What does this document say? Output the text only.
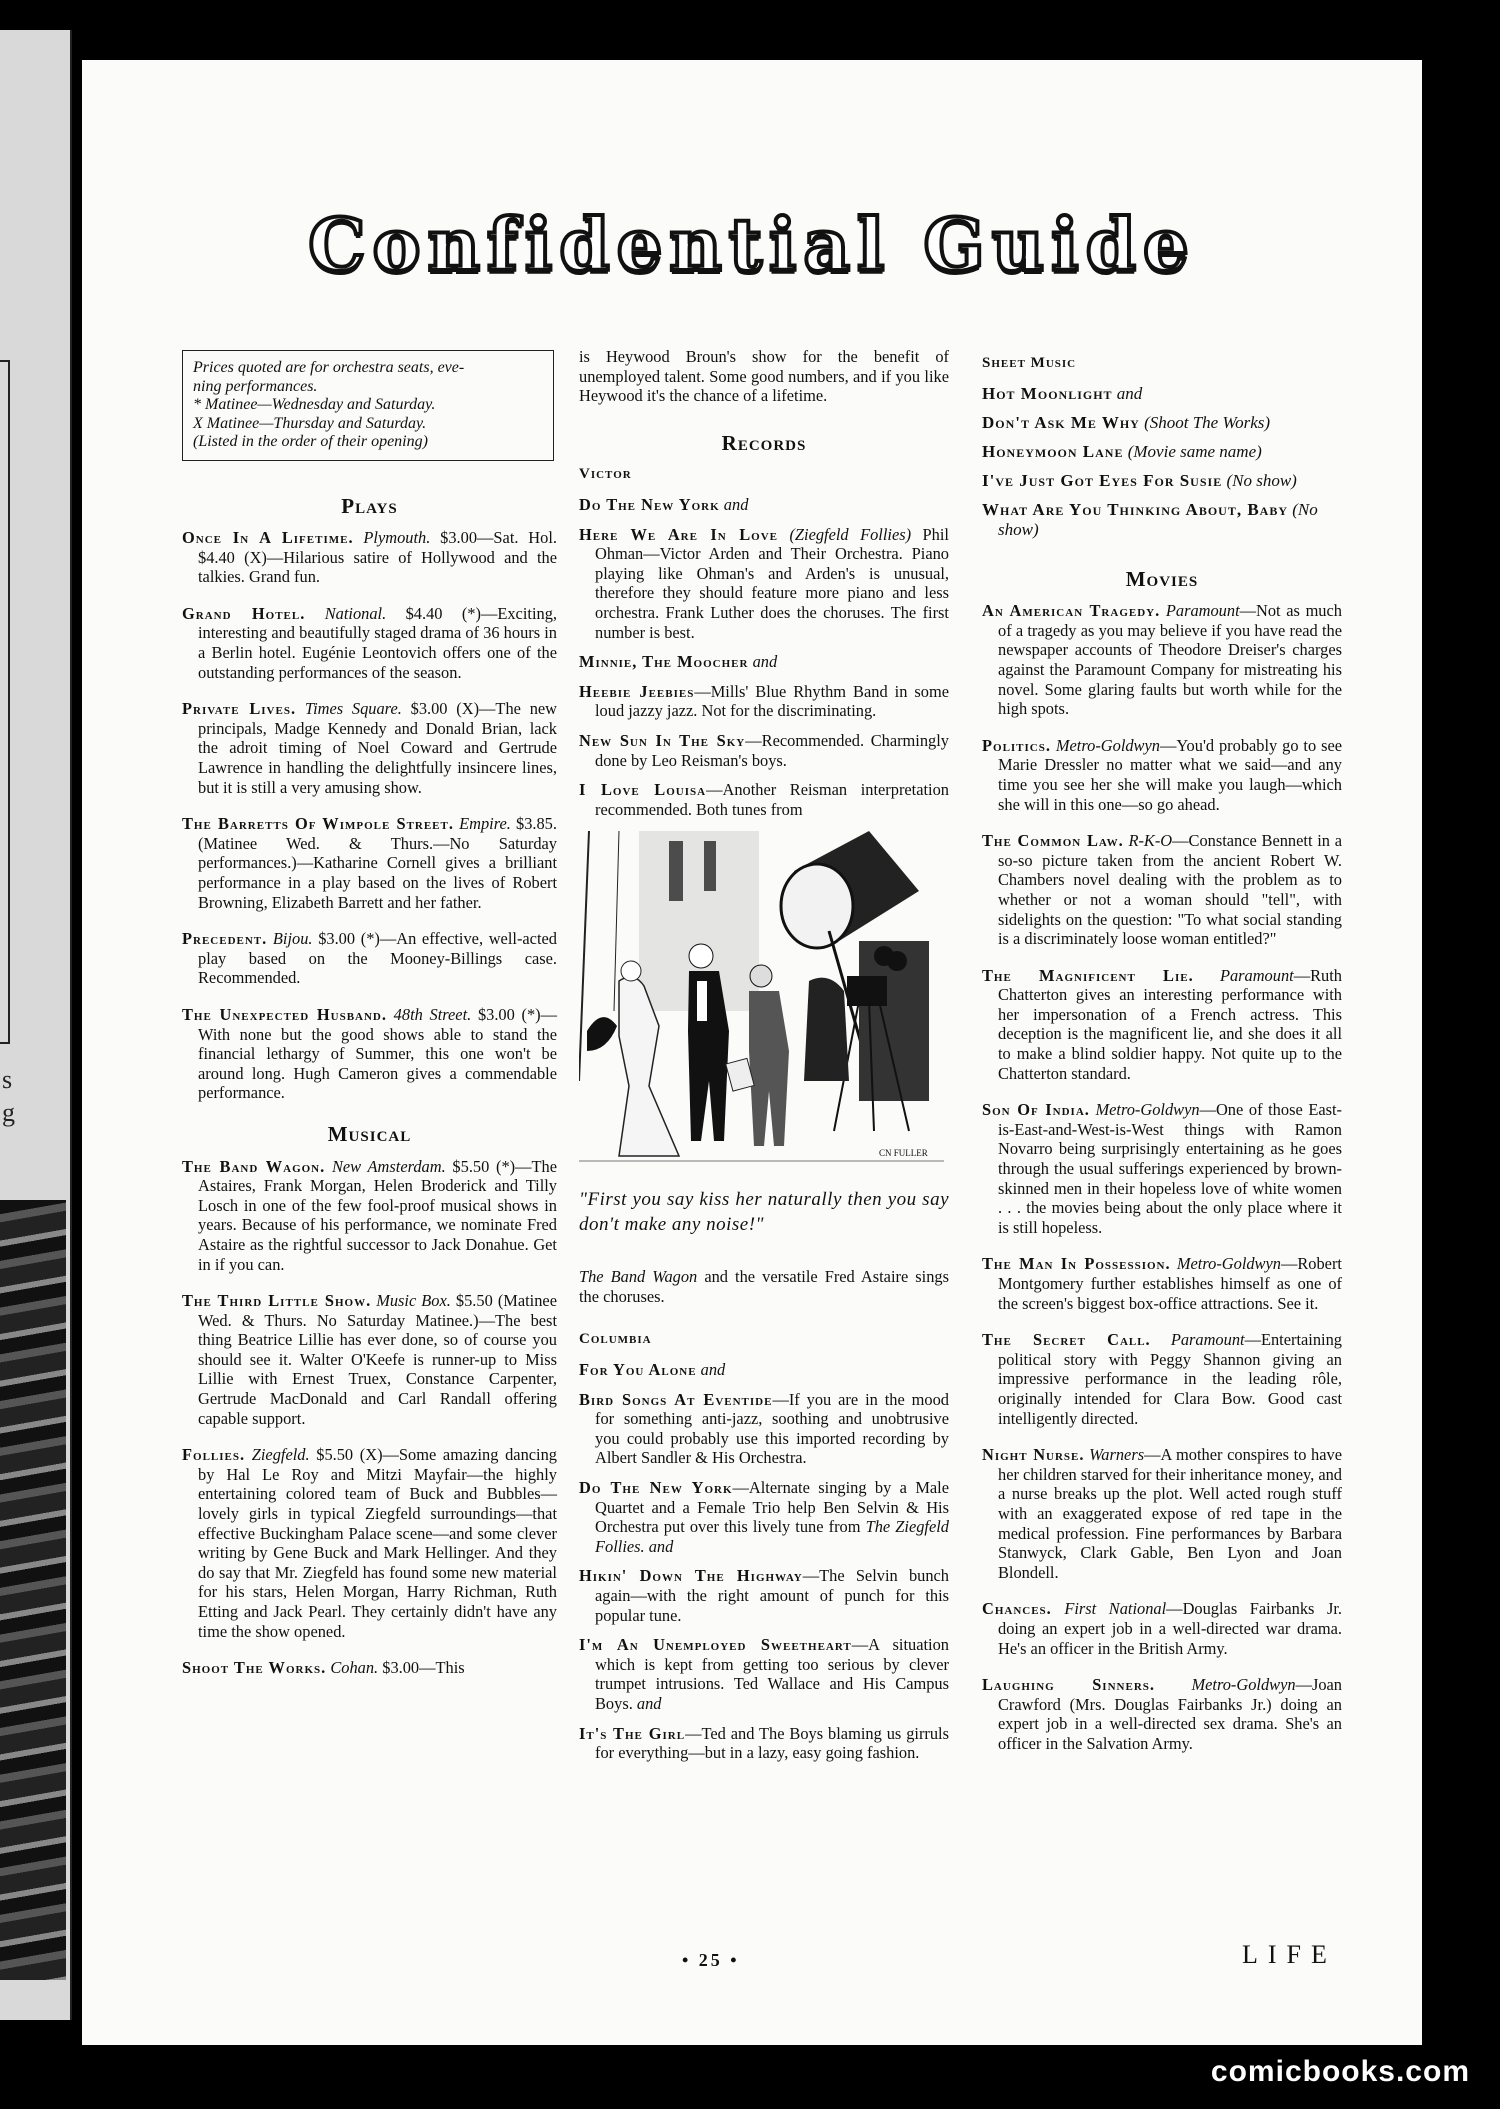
s
g
Confidential Guide
Prices quoted are for orchestra seats, eve-
ning performances.
* Matinee—Wednesday and Saturday.
X Matinee—Thursday and Saturday.
(Listed in the order of their opening)
Plays
Once In A Lifetime. Plymouth. $3.00—Sat. Hol. $4.40 (X)—Hilarious satire of Hollywood and the talkies. Grand fun.
Grand Hotel. National. $4.40 (*)—Exciting, interesting and beautifully staged drama of 36 hours in a Berlin hotel. Eugénie Leontovich offers one of the outstanding performances of the season.
Private Lives. Times Square. $3.00 (X)—The new principals, Madge Kennedy and Donald Brian, lack the adroit timing of Noel Coward and Gertrude Lawrence in handling the delightfully insincere lines, but it is still a very amusing show.
The Barretts Of Wimpole Street. Empire. $3.85. (Matinee Wed. & Thurs.—No Saturday performances.)—Katharine Cornell gives a brilliant performance in a play based on the lives of Robert Browning, Elizabeth Barrett and her father.
Precedent. Bijou. $3.00 (*)—An effective, well-acted play based on the Mooney-Billings case. Recommended.
The Unexpected Husband. 48th Street. $3.00 (*)—With none but the good shows able to stand the financial lethargy of Summer, this one won't be around long. Hugh Cameron gives a commendable performance.
Musical
The Band Wagon. New Amsterdam. $5.50 (*)—The Astaires, Frank Morgan, Helen Broderick and Tilly Losch in one of the few fool-proof musical shows in years. Because of his performance, we nominate Fred Astaire as the rightful successor to Jack Donahue. Get in if you can.
The Third Little Show. Music Box. $5.50 (Matinee Wed. & Thurs. No Saturday Matinee.)—The best thing Beatrice Lillie has ever done, so of course you should see it. Walter O'Keefe is runner-up to Miss Lillie with Ernest Truex, Constance Carpenter, Gertrude MacDonald and Carl Randall offering capable support.
Follies. Ziegfeld. $5.50 (X)—Some amazing dancing by Hal Le Roy and Mitzi Mayfair—the highly entertaining colored team of Buck and Bubbles—lovely girls in typical Ziegfeld surroundings—that effective Buckingham Palace scene—and some clever writing by Gene Buck and Mark Hellinger. And they do say that Mr. Ziegfeld has found some new material for his stars, Helen Morgan, Harry Richman, Ruth Etting and Jack Pearl. They certainly didn't have any time the show opened.
Shoot The Works. Cohan. $3.00—This
is Heywood Broun's show for the benefit of unemployed talent. Some good numbers, and if you like Heywood it's the chance of a lifetime.
Records
Victor
Do The New York and
Here We Are In Love (Ziegfeld Follies) Phil Ohman—Victor Arden and Their Orchestra. Piano playing like Ohman's and Arden's is unusual, therefore they should feature more piano and less orchestra. Frank Luther does the choruses. The first number is best.
Minnie, The Moocher and
Heebie Jeebies—Mills' Blue Rhythm Band in some loud jazzy jazz. Not for the discriminating.
New Sun In The Sky—Recommended. Charmingly done by Leo Reisman's boys.
I Love Louisa—Another Reisman interpretation recommended. Both tunes from
CN FULLER
"First you say kiss her naturally then you say don't make any noise!"
The Band Wagon and the versatile Fred Astaire sings the choruses.
Columbia
For You Alone and
Bird Songs At Eventide—If you are in the mood for something anti-jazz, soothing and unobtrusive you could probably use this imported recording by Albert Sandler & His Orchestra.
Do The New York—Alternate singing by a Male Quartet and a Female Trio help Ben Selvin & His Orchestra put over this lively tune from The Ziegfeld Follies. and
Hikin' Down The Highway—The Selvin bunch again—with the right amount of punch for this popular tune.
I'm An Unemployed Sweetheart—A situation which is kept from getting too serious by clever trumpet intrusions. Ted Wallace and His Campus Boys. and
It's The Girl—Ted and The Boys blaming us girruls for everything—but in a lazy, easy going fashion.
Sheet Music
Hot Moonlight and
Don't Ask Me Why (Shoot The Works)
Honeymoon Lane (Movie same name)
I've Just Got Eyes For Susie (No show)
What Are You Thinking About, Baby (No show)
Movies
An American Tragedy. Paramount—Not as much of a tragedy as you may believe if you have read the newspaper accounts of Theodore Dreiser's charges against the Paramount Company for mistreating his novel. Some glaring faults but worth while for the high spots.
Politics. Metro-Goldwyn—You'd probably go to see Marie Dressler no matter what we said—and any time you see her she will make you laugh—which she will in this one—so go ahead.
The Common Law. R-K-O—Constance Bennett in a so-so picture taken from the ancient Robert W. Chambers novel dealing with the problem as to whether or not a woman should "tell", with sidelights on the question: "To what social standing is a discriminately loose woman entitled?"
The Magnificent Lie. Paramount—Ruth Chatterton gives an interesting performance with her impersonation of a French actress. This deception is the magnificent lie, and she does it all to make a blind soldier happy. Not quite up to the Chatterton standard.
Son Of India. Metro-Goldwyn—One of those East-is-East-and-West-is-West things with Ramon Novarro being surprisingly entertaining as he goes through the usual sufferings experienced by brown-skinned men in their hopeless love of white women . . . the movies being about the only place where it is still hopeless.
The Man In Possession. Metro-Goldwyn—Robert Montgomery further establishes himself as one of the screen's biggest box-office attractions. See it.
The Secret Call. Paramount—Entertaining political story with Peggy Shannon giving an impressive performance in the leading rôle, originally intended for Clara Bow. Good cast intelligently directed.
Night Nurse. Warners—A mother conspires to have her children starved for their inheritance money, and a nurse breaks up the plot. Well acted rough stuff with an exaggerated expose of red tape in the medical profession. Fine performances by Barbara Stanwyck, Clark Gable, Ben Lyon and Joan Blondell.
Chances. First National—Douglas Fairbanks Jr. doing an expert job in a well-directed war drama. He's an officer in the British Army.
Laughing Sinners. Metro-Goldwyn—Joan Crawford (Mrs. Douglas Fairbanks Jr.) doing an expert job in a well-directed sex drama. She's an officer in the Salvation Army.
• 25 •	LIFE
comicbooks.com
